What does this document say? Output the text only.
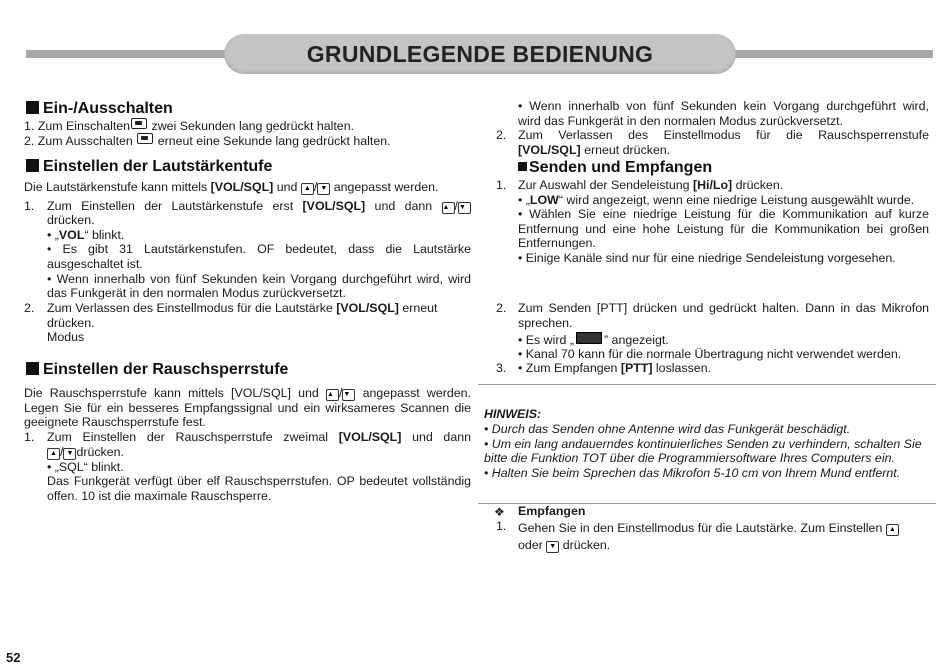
GRUNDLEGENDE BEDIENUNG
Ein-/Ausschalten
1. Zum Einschalten zwei Sekunden lang gedrückt halten.
2. Zum Ausschalten erneut eine Sekunde lang gedrückt halten.
Einstellen der Lautstärkentufe
Die Lautstärkenstufe kann mittels [VOL/SQL] und ▲ / ▼ angepasst werden.
1. Zum Einstellen der Lautstärkenstufe erst [VOL/SQL] und dann ▲ /▼
drücken.
• „VOL“ blinkt.
• Es gibt 31 Lautstärkenstufen. OF bedeutet, dass die Lautstärke
ausgeschaltet ist.
• Wenn innerhalb von fünf Sekunden kein Vorgang durchgeführt wird, wird
das Funkgerät in den normalen Modus zurückversetzt.
2. Zum Verlassen des Einstellmodus für die Lautstärke [VOL/SQL] erneut
drücken.
Modus
Einstellen der Rauschsperrstufe
Die Rauschsperrstufe kann mittels [VOL/SQL] und ▲ /▼ angepasst werden.
Legen Sie für ein besseres Empfangssignal und ein wirksameres Scannen die
geeignete Rauschsperrstufe fest.
1. Zum Einstellen der Rauschsperrstufe zweimal [VOL/SQL] und dann
▲ / ▼ drücken.
• „SQL“ blinkt.
Das Funkgerät verfügt über elf Rauschsperrstufen. OP bedeutet vollständig
offen. 10 ist die maximale Rauschsperre.
• Wenn innerhalb von fünf Sekunden kein Vorgang durchgeführt wird,
wird das Funkgerät in den normalen Modus zurückversetzt.
2. Zum Verlassen des Einstellmodus für die Rauschsperrenstufe
[VOL/SQL] erneut drücken.
Senden und Empfangen
1. Zur Auswahl der Sendeleistung [Hi/Lo] drücken.
• „LOW“ wird angezeigt, wenn eine niedrige Leistung ausgewählt wurde.
• Wählen Sie eine niedrige Leistung für die Kommunikation auf kurze
Entfernung und eine hohe Leistung für die Kommunikation bei großen
Entfernungen.
• Einige Kanäle sind nur für eine niedrige Sendeleistung vorgesehen.
2. Zum Senden [PTT] drücken und gedrückt halten. Dann in das Mikrofon
sprechen.
• Es wird „ ” angezeigt.
• Kanal 70 kann für die normale Übertragung nicht verwendet werden.
3. • Zum Empfangen [PTT] loslassen.
HINWEIS:
• Durch das Senden ohne Antenne wird das Funkgerät beschädigt.
• Um ein lang andauerndes kontinuierliches Senden zu verhindern, schalten Sie
bitte die Funktion TOT über die Programmiersoftware Ihres Computers ein.
• Halten Sie beim Sprechen das Mikrofon 5-10 cm von Ihrem Mund entfernt.
❖ Empfangen
1. Gehen Sie in den Einstellmodus für die Lautstärke. Zum Einstellen ▲
oder ▼ drücken.
52
